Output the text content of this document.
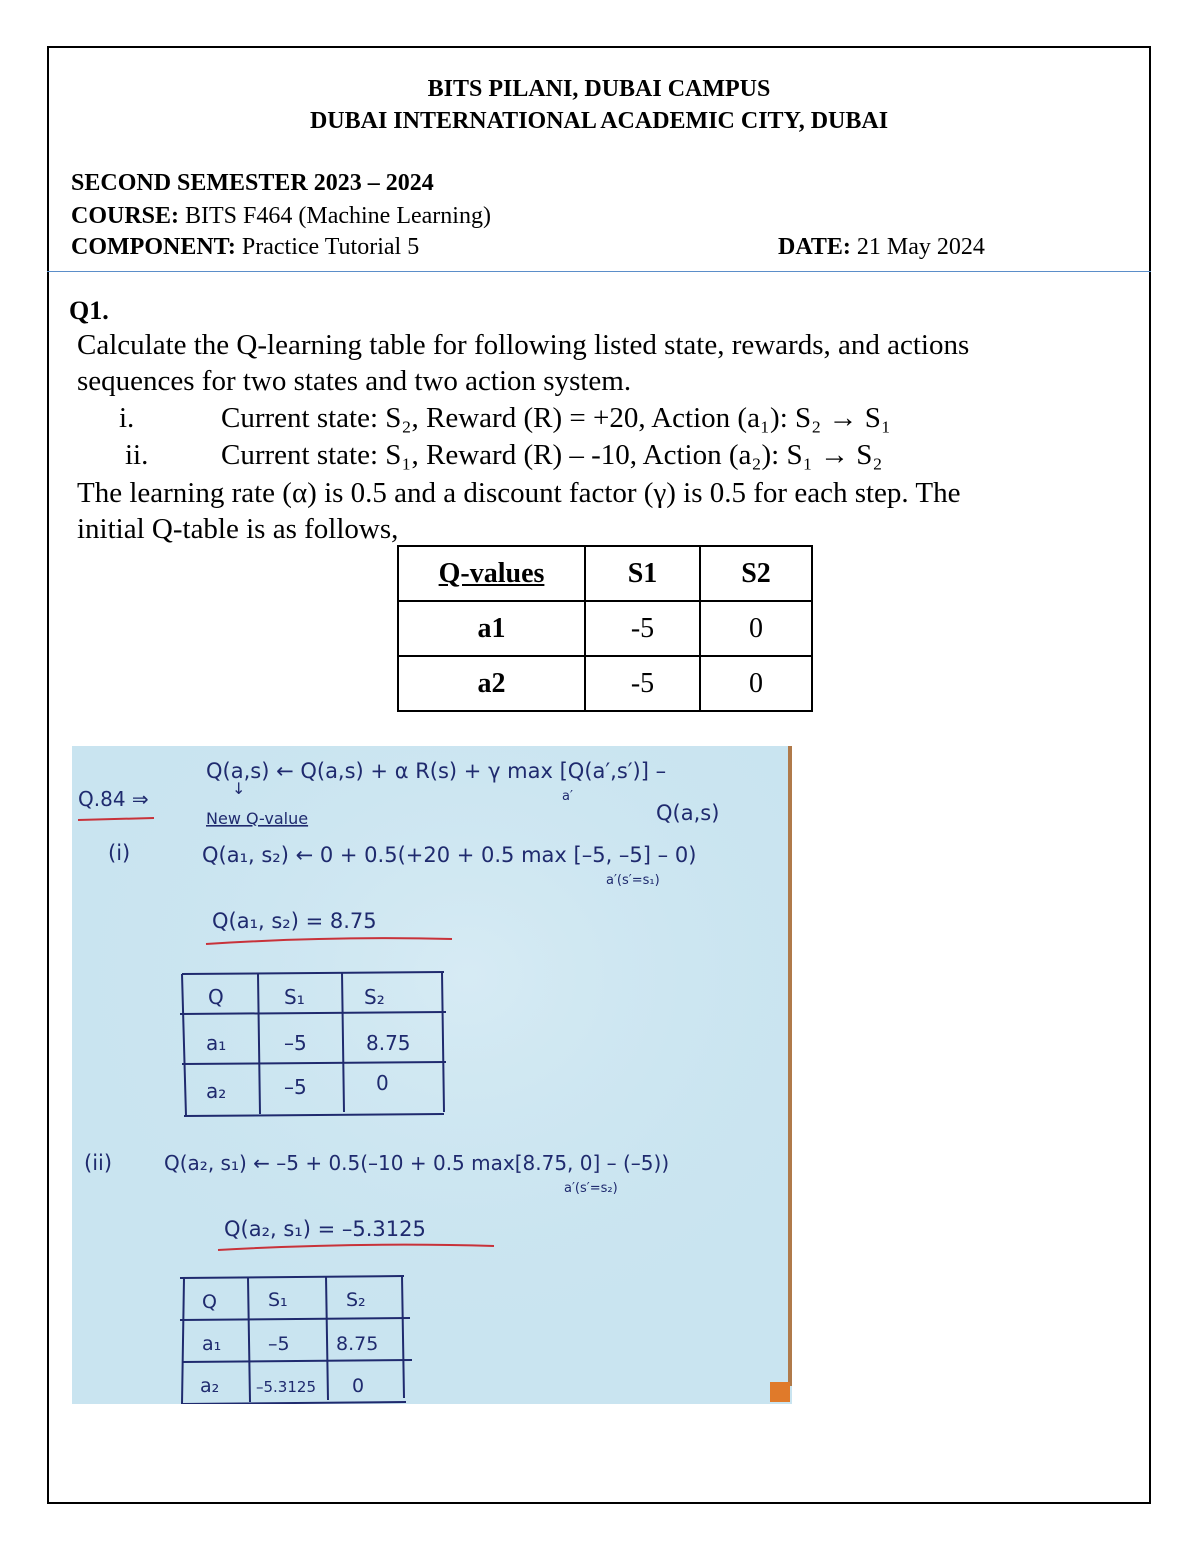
BITS PILANI, DUBAI CAMPUS
DUBAI INTERNATIONAL ACADEMIC CITY, DUBAI
SECOND SEMESTER 2023 – 2024
COURSE: BITS F464 (Machine Learning)
COMPONENT: Practice Tutorial 5	DATE: 21 May 2024
Q1.
Calculate the Q-learning table for following listed state, rewards, and actions
sequences for two states and two action system.
i.	Current state: S₂, Reward (R) = +20, Action (a₁): S₂ → S₁
ii.	Current state: S₁, Reward (R) – -10, Action (a₂): S₁ → S₂
The learning rate (α) is 0.5 and a discount factor (γ) is 0.5 for each step. The
initial Q-table is as follows,
Q-values	S1	S2
a1	-5	0
a2	-5	0
Q.84 ⇒
Q(a,s) ← Q(a,s) + α R(s) + γ max [Q(a′,s′)] –
a′
Q(a,s)
↓
New Q-value
(i)	Q(a₁, s₂) ← 0 + 0.5(+20 + 0.5 max [–5, –5] – 0)
a′(s′=s₁)
Q(a₁, s₂) = 8.75
Q	S₁	S₂
a₁	–5	8.75
a₂	–5	0
(ii)	Q(a₂, s₁) ← –5 + 0.5(–10 + 0.5 max[8.75, 0] – (–5))
a′(s′=s₂)
Q(a₂, s₁) = –5.3125
Q	S₁	S₂
a₁ –5 8.75
a₂ –5.3125 0
